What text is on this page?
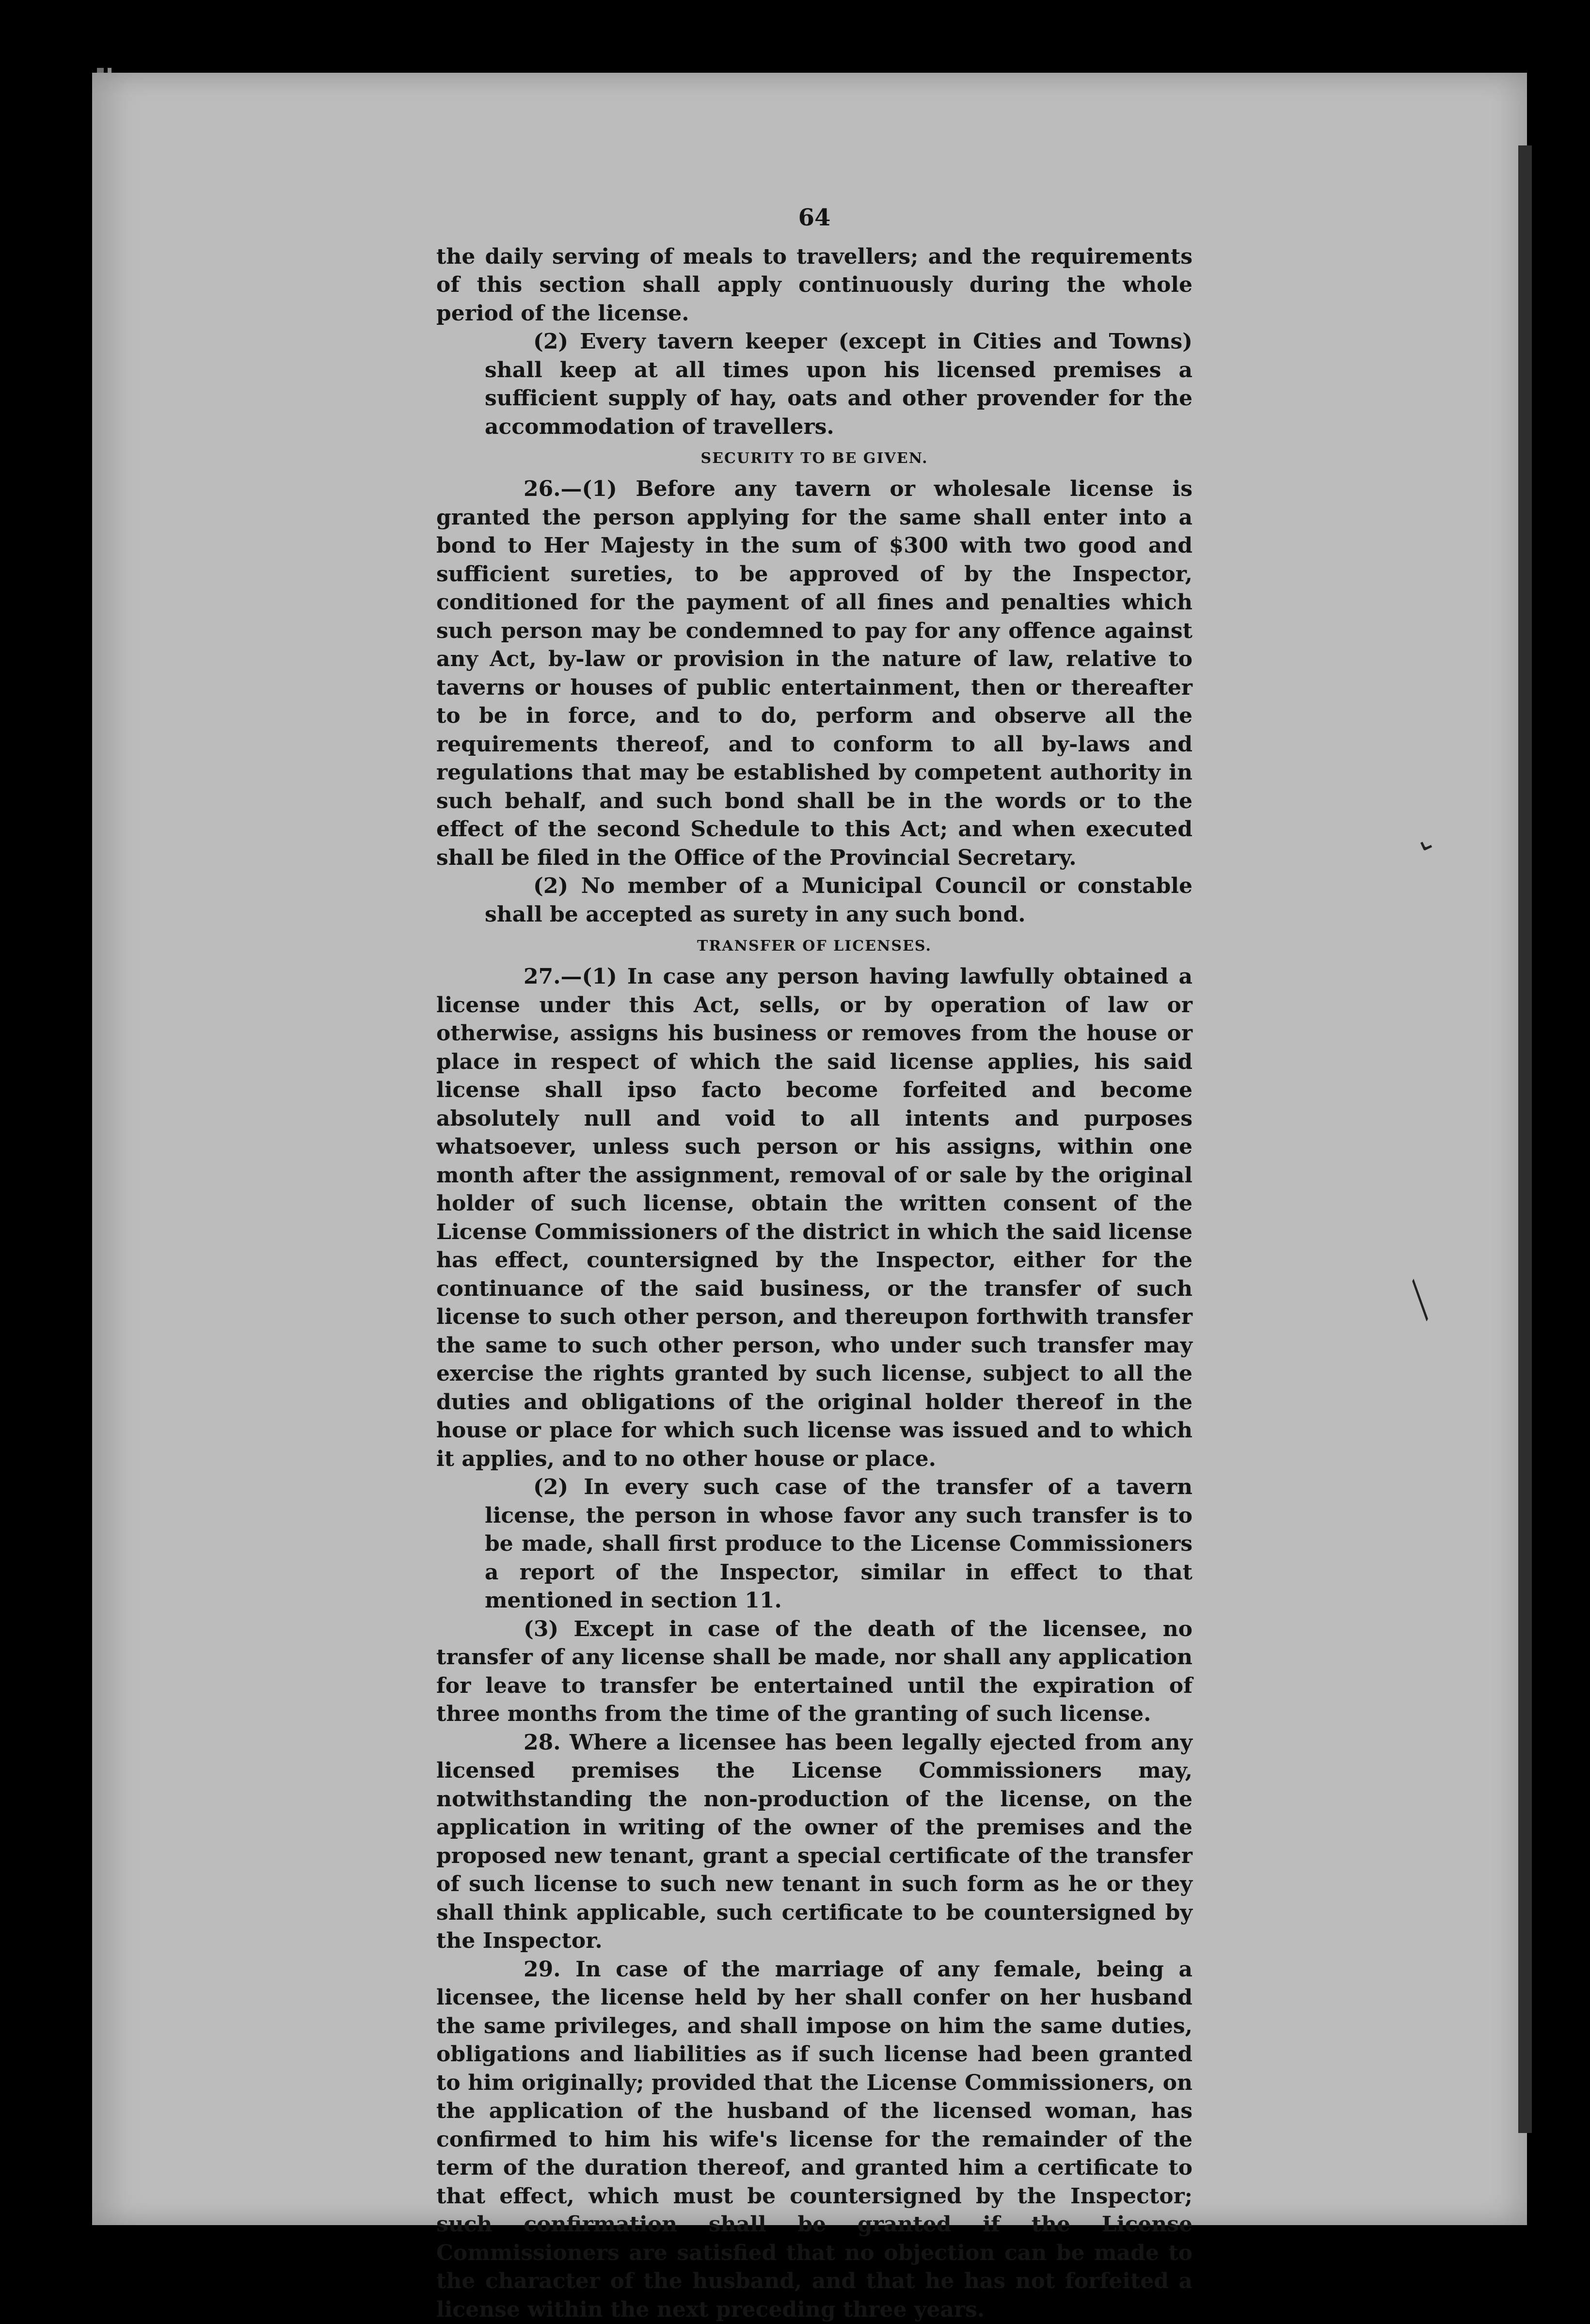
64

the daily serving of meals to travellers; and the requirements of this section shall apply continuously during the whole period of the license.

(2) Every tavern keeper (except in Cities and Towns) shall keep at all times upon his licensed premises a sufficient supply of hay, oats and other provender for the accommodation of travellers.

SECURITY TO BE GIVEN.

26.—(1) Before any tavern or wholesale license is granted the person applying for the same shall enter into a bond to Her Majesty in the sum of $300 with two good and sufficient sureties, to be approved of by the Inspector, conditioned for the payment of all fines and penalties which such person may be condemned to pay for any offence against any Act, by-law or provision in the nature of law, relative to taverns or houses of public entertainment, then or thereafter to be in force, and to do, perform and observe all the requirements thereof, and to conform to all by-laws and regulations that may be established by competent authority in such behalf, and such bond shall be in the words or to the effect of the second Schedule to this Act; and when executed shall be filed in the Office of the Provincial Secretary.

(2) No member of a Municipal Council or constable shall be accepted as surety in any such bond.

TRANSFER OF LICENSES.

27.—(1) In case any person having lawfully obtained a license under this Act, sells, or by operation of law or otherwise, assigns his business or removes from the house or place in respect of which the said license applies, his said license shall ipso facto become forfeited and become absolutely null and void to all intents and purposes whatsoever, unless such person or his assigns, within one month after the assignment, removal of or sale by the original holder of such license, obtain the written consent of the License Commissioners of the district in which the said license has effect, countersigned by the Inspector, either for the continuance of the said business, or the transfer of such license to such other person, and thereupon forthwith transfer the same to such other person, who under such transfer may exercise the rights granted by such license, subject to all the duties and obligations of the original holder thereof in the house or place for which such license was issued and to which it applies, and to no other house or place.

(2) In every such case of the transfer of a tavern license, the person in whose favor any such transfer is to be made, shall first produce to the License Commissioners a report of the Inspector, similar in effect to that mentioned in section 11.

(3) Except in case of the death of the licensee, no transfer of any license shall be made, nor shall any application for leave to transfer be entertained until the expiration of three months from the time of the granting of such license.

28. Where a licensee has been legally ejected from any licensed premises the License Commissioners may, notwithstanding the non-production of the license, on the application in writing of the owner of the premises and the proposed new tenant, grant a special certificate of the transfer of such license to such new tenant in such form as he or they shall think applicable, such certificate to be countersigned by the Inspector.

29. In case of the marriage of any female, being a licensee, the license held by her shall confer on her husband the same privileges, and shall impose on him the same duties, obligations and liabilities as if such license had been granted to him originally; provided that the License Commissioners, on the application of the husband of the licensed woman, has confirmed to him his wife's license for the remainder of the term of the duration thereof, and granted him a certificate to that effect, which must be countersigned by the Inspector; such confirmation shall be granted if the License Commissioners are satisfied that no objection can be made to the character of the husband, and that he has not forfeited a license within the next preceding three years.

⌄
⟋
